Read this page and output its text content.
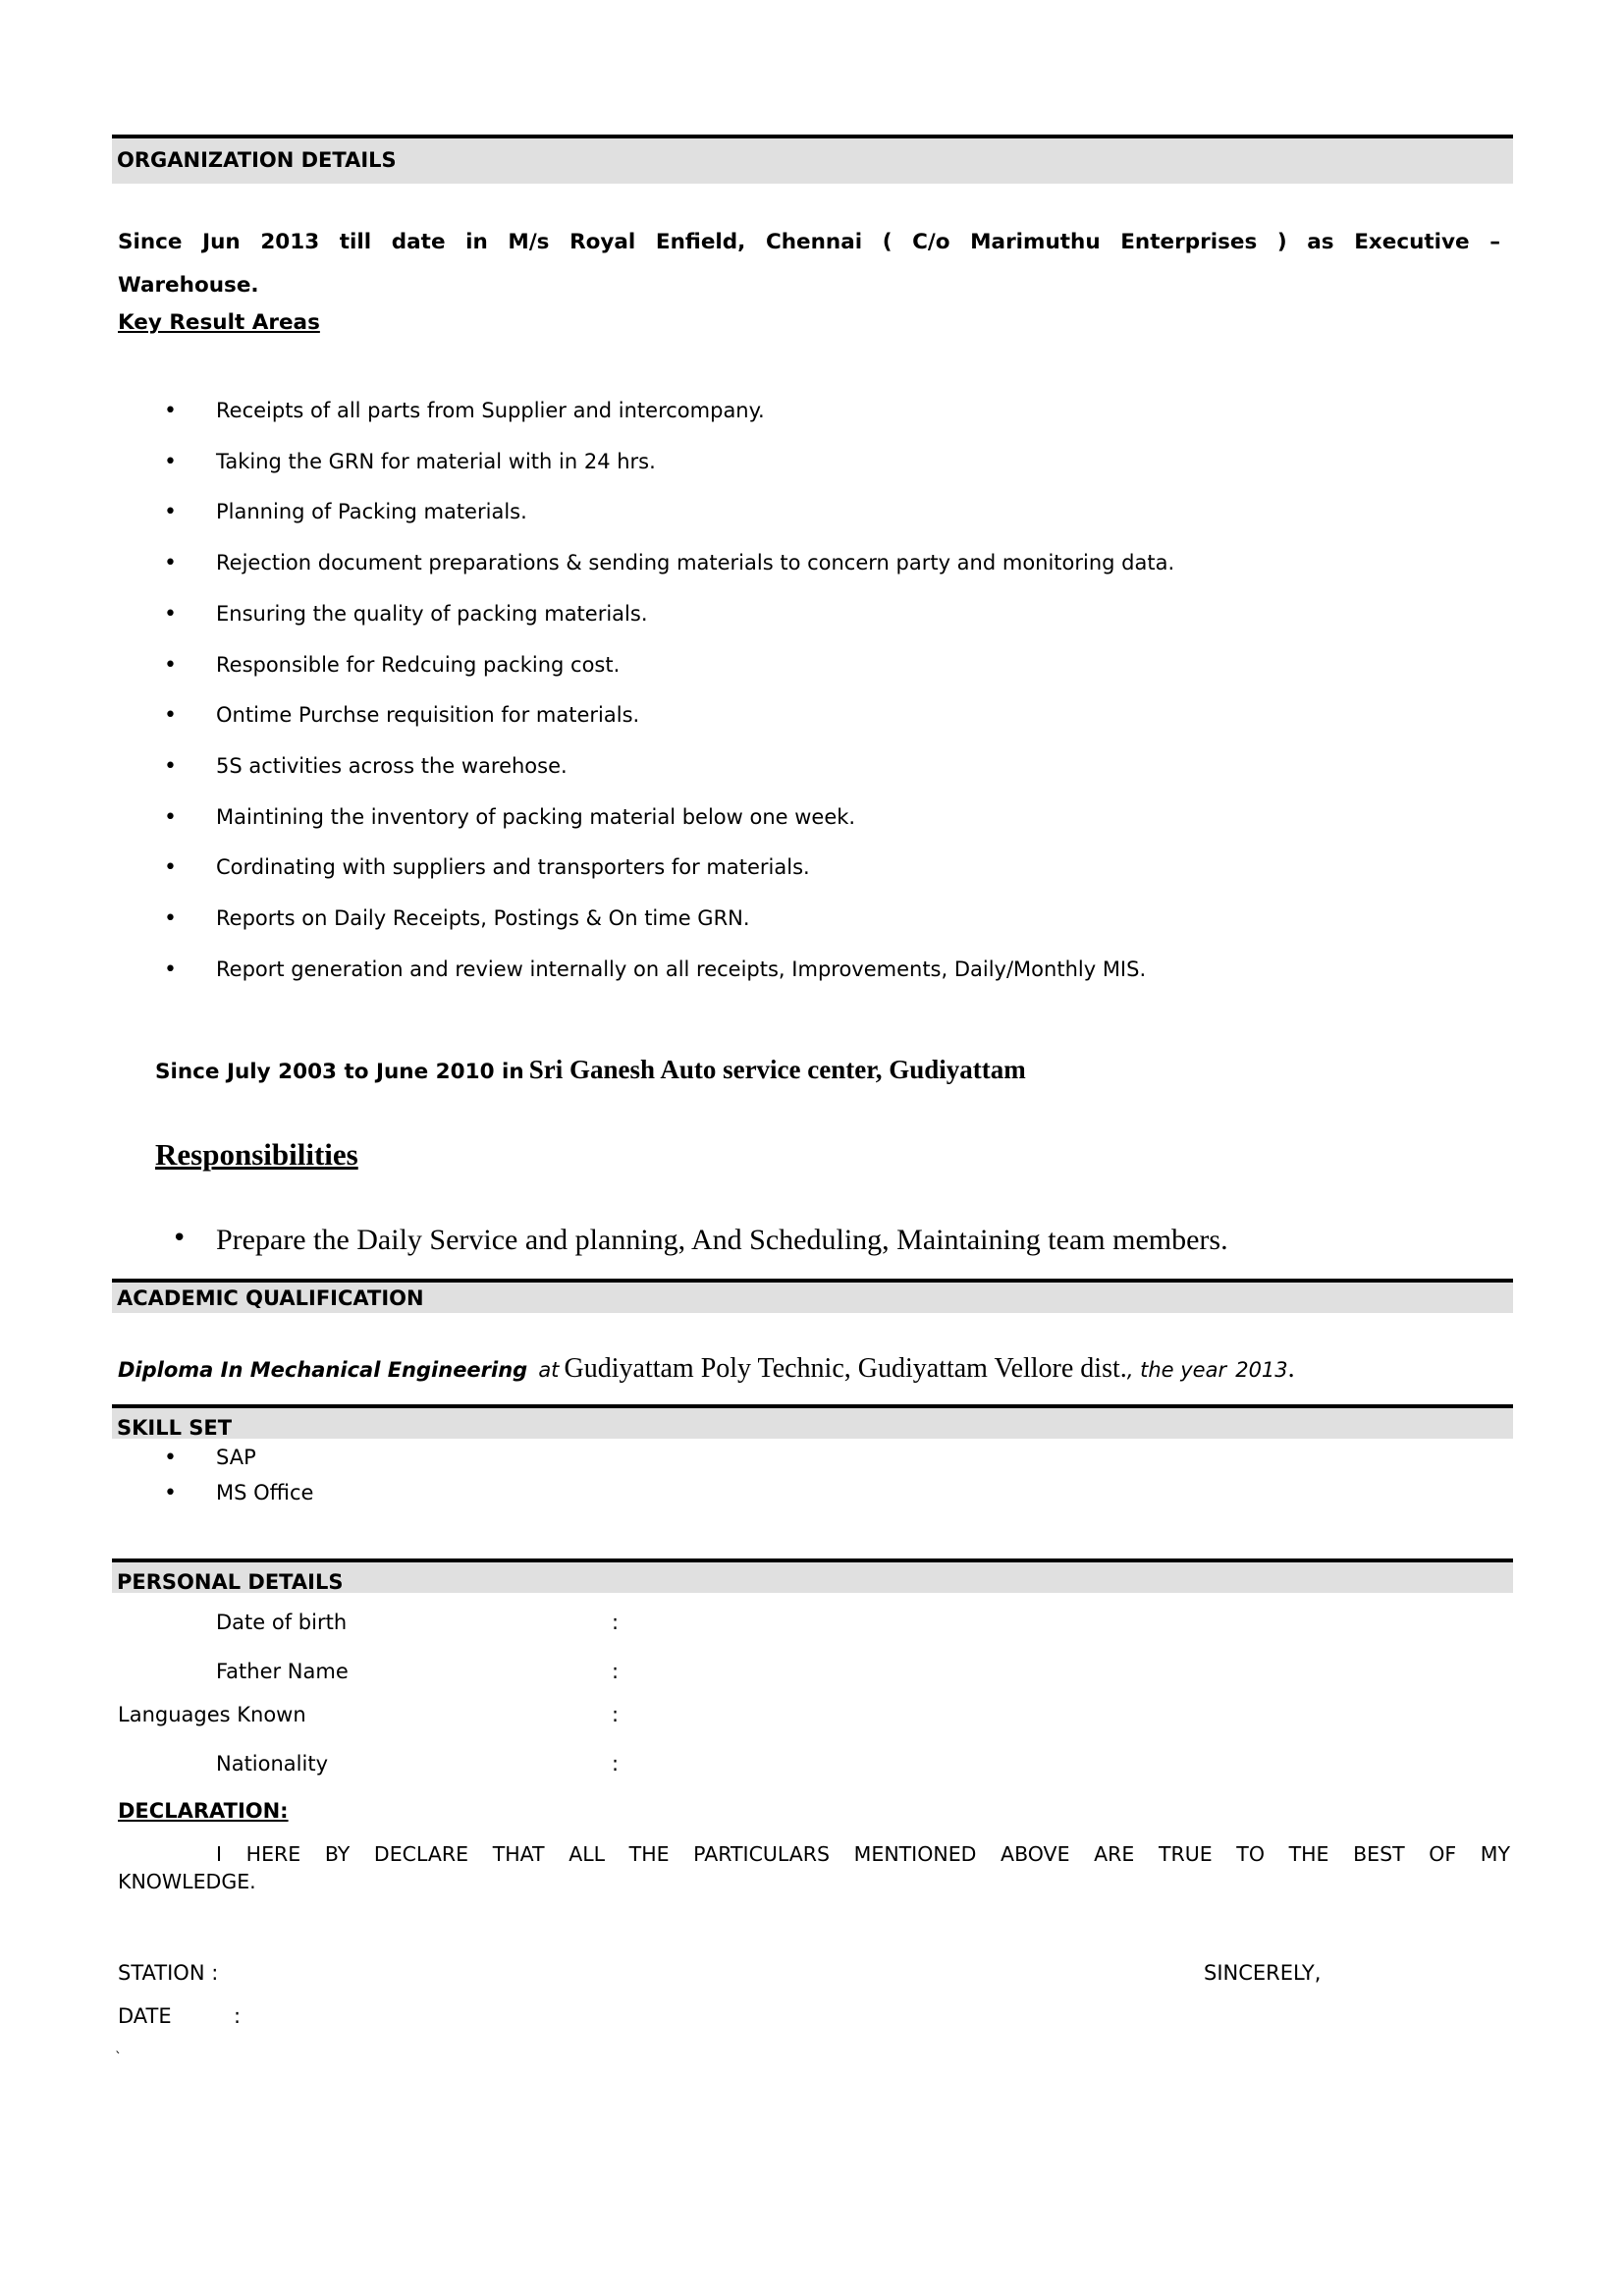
ORGANIZATION DETAILS
Since Jun 2013 till date in M/s Royal Enfield, Chennai ( C/o Marimuthu Enterprises ) as Executive –
Warehouse.
Key Result Areas
• Receipts of all parts from Supplier and intercompany.
• Taking the GRN for material with in 24 hrs.
• Planning of Packing materials.
• Rejection document preparations & sending materials to concern party and monitoring data.
• Ensuring the quality of packing materials.
• Responsible for Redcuing packing cost.
• Ontime Purchse requisition for materials.
• 5S activities across the warehose.
• Maintining the inventory of packing material below one week.
• Cordinating with suppliers and transporters for materials.
• Reports on Daily Receipts, Postings & On time GRN.
• Report generation and review internally on all receipts, Improvements, Daily/Monthly MIS.
Since July 2003 to June 2010 in Sri Ganesh Auto service center, Gudiyattam
Responsibilities
• Prepare the Daily Service and planning, And Scheduling, Maintaining team members.
ACADEMIC QUALIFICATION
Diploma In Mechanical Engineering at Gudiyattam Poly Technic, Gudiyattam Vellore dist., the year 2013.
SKILL SET
• SAP
• MS Office
PERSONAL DETAILS
Date of birth	:
Father Name	:
Languages Known	:
Nationality	:
DECLARATION:
I HERE BY DECLARE THAT ALL THE PARTICULARS MENTIONED ABOVE ARE TRUE TO THE BEST OF MY
KNOWLEDGE.
STATION :	SINCERELY,
DATE	:
`
